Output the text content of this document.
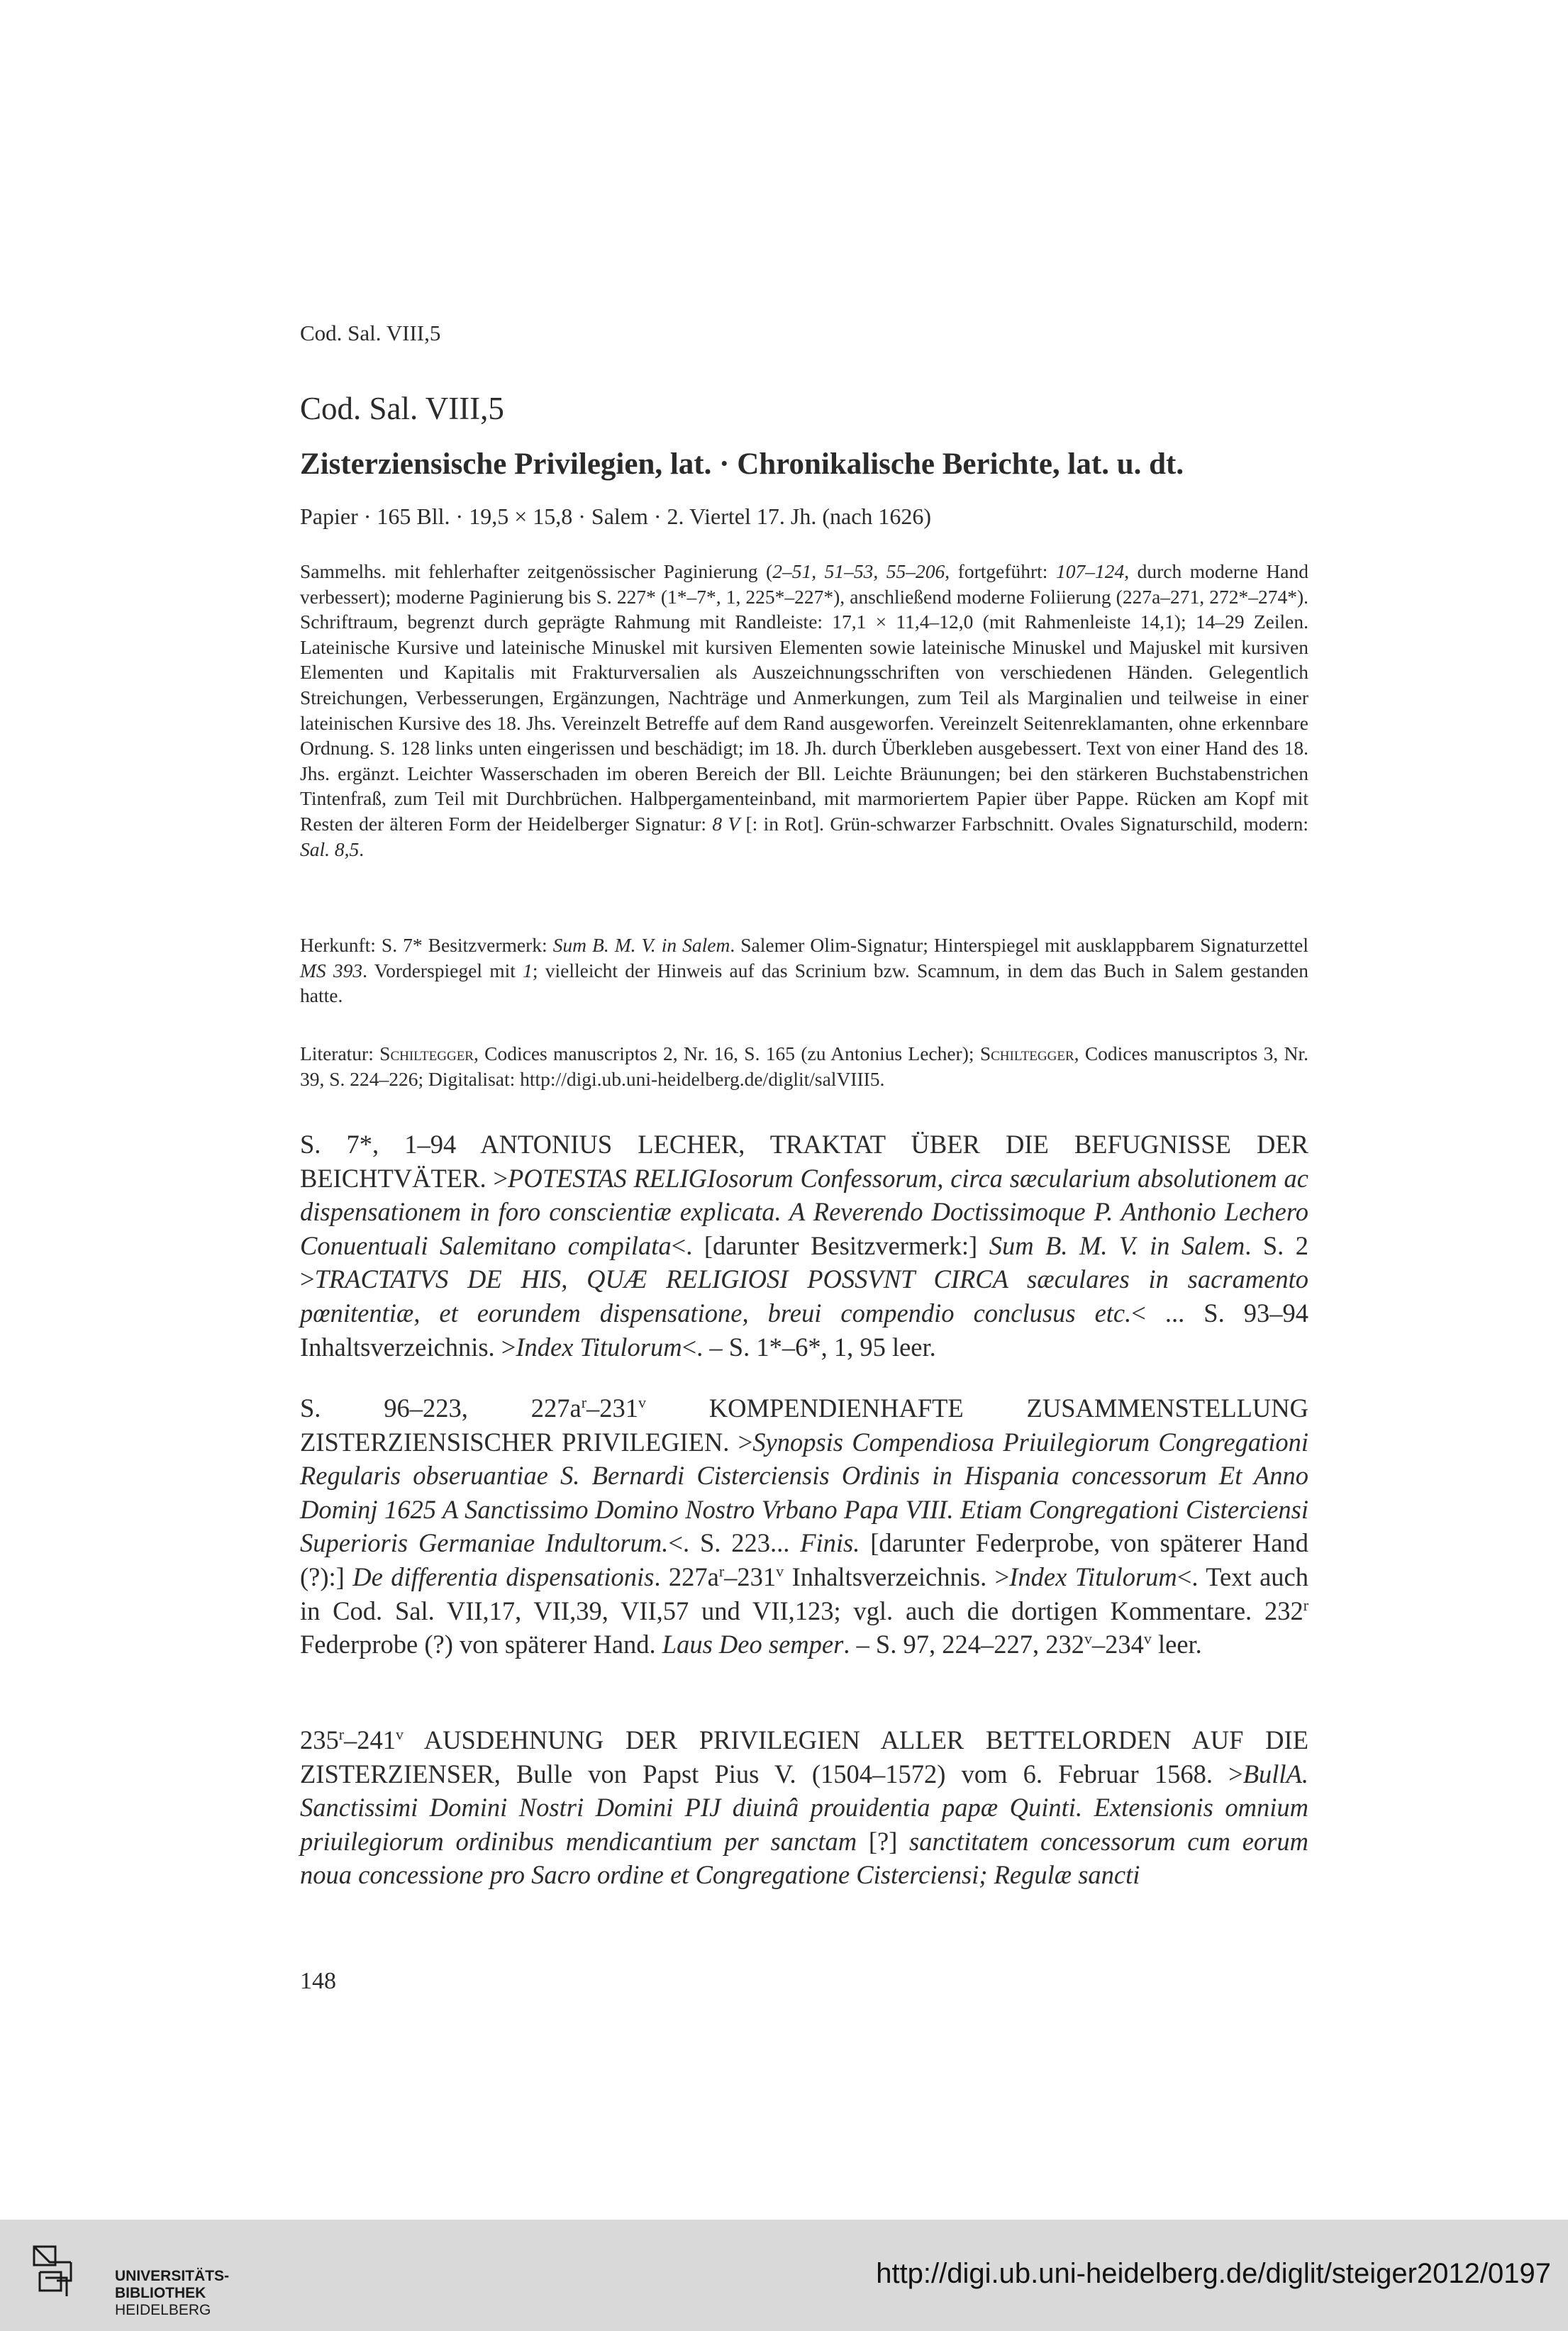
Cod. Sal. VIII,5
Cod. Sal. VIII,5
Zisterziensische Privilegien, lat. · Chronikalische Berichte, lat. u. dt.
Papier · 165 Bll. · 19,5 × 15,8 · Salem · 2. Viertel 17. Jh. (nach 1626)
Sammelhs. mit fehlerhafter zeitgenössischer Paginierung (2–51, 51–53, 55–206, fortgeführt: 107–124, durch moderne Hand verbessert); moderne Paginierung bis S. 227* (1*–7*, 1, 225*–227*), anschließend moderne Foliierung (227a–271, 272*–274*). Schriftraum, begrenzt durch geprägte Rahmung mit Randleiste: 17,1 × 11,4–12,0 (mit Rahmenleiste 14,1); 14–29 Zeilen. Lateinische Kursive und lateinische Minuskel mit kursiven Elementen sowie lateinische Minuskel und Majuskel mit kursiven Elementen und Kapitalis mit Frakturversalien als Auszeichnungsschriften von verschiedenen Händen. Gelegentlich Streichungen, Verbesserungen, Ergänzungen, Nachträge und Anmerkungen, zum Teil als Marginalien und teilweise in einer lateinischen Kursive des 18. Jhs. Vereinzelt Betreffe auf dem Rand ausgeworfen. Vereinzelt Seitenreklamanten, ohne erkennbare Ordnung. S. 128 links unten eingerissen und beschädigt; im 18. Jh. durch Überkleben ausgebessert. Text von einer Hand des 18. Jhs. ergänzt. Leichter Wasserschaden im oberen Bereich der Bll. Leichte Bräunungen; bei den stärkeren Buchstabenstrichen Tintenfraß, zum Teil mit Durchbrüchen. Halbpergamenteinband, mit marmoriertem Papier über Pappe. Rücken am Kopf mit Resten der älteren Form der Heidelberger Signatur: 8 V [: in Rot]. Grün-schwarzer Farbschnitt. Ovales Signaturschild, modern: Sal. 8,5.
Herkunft: S. 7* Besitzvermerk: Sum B. M. V. in Salem. Salemer Olim-Signatur; Hinterspiegel mit ausklappbarem Signaturzettel MS 393. Vorderspiegel mit 1; vielleicht der Hinweis auf das Scrinium bzw. Scamnum, in dem das Buch in Salem gestanden hatte.
Literatur: Schiltegger, Codices manuscriptos 2, Nr. 16, S. 165 (zu Antonius Lecher); Schiltegger, Codices manuscriptos 3, Nr. 39, S. 224–226; Digitalisat: http://digi.ub.uni-heidelberg.de/diglit/salVIII5.
S. 7*, 1–94 ANTONIUS LECHER, TRAKTAT ÜBER DIE BEFUGNISSE DER BEICHTVÄTER. >POTESTAS RELIGIosorum Confessorum, circa sæcularium absolutionem ac dispensationem in foro conscientiæ explicata. A Reverendo Doctissimoque P. Anthonio Lechero Conuentuali Salemitano compilata<. [darunter Besitzvermerk:] Sum B. M. V. in Salem. S. 2 >TRACTATVS DE HIS, QUÆ RELIGIOSI POSSVNT CIRCA sæculares in sacramento pœnitentiæ, et eorundem dispensatione, breui compendio conclusus etc.< ... S. 93–94 Inhaltsverzeichnis. >Index Titulorum<. – S. 1*–6*, 1, 95 leer.
S. 96–223, $227a^r-231^v$ KOMPENDIENHAFTE ZUSAMMENSTELLUNG ZISTERZIENSISCHER PRIVILEGIEN. >Synopsis Compendiosa Priuilegiorum Congregationi Regularis obseruantiae S. Bernardi Cisterciensis Ordinis in Hispania concessorum Et Anno Dominj 1625 A Sanctissimo Domino Nostro Vrbano Papa VIII. Etiam Congregationi Cisterciensi Superioris Germaniae Indultorum.<. S. 223... Finis. [darunter Federprobe, von späterer Hand (?):] De differentia dispensationis. $227a^r-231^v$ Inhaltsverzeichnis. >Index Titulorum<. Text auch in Cod. Sal. VII,17, VII,39, VII,57 und VII,123; vgl. auch die dortigen Kommentare. 232$^r$ Federprobe (?) von späterer Hand. Laus Deo semper. – S. 97, 224–227, 232$^v$–234$^v$ leer.
235$^r$–241$^v$ AUSDEHNUNG DER PRIVILEGIEN ALLER BETTELORDEN AUF DIE ZISTERZIENSER, Bulle von Papst Pius V. (1504–1572) vom 6. Februar 1568. >BullA. Sanctissimi Domini Nostri Domini PIJ diuinâ prouidentia papæ Quinti. Extensionis omnium priuilegiorum ordinibus mendicantium per sanctam [?] sanctitatem concessorum cum eorum noua concessione pro Sacro ordine et Congregatione Cisterciensi; Regulæ sancti
148
UNIVERSITÄTS-
BIBLIOTHEK
HEIDELBERG
http://digi.ub.uni-heidelberg.de/diglit/steiger2012/0197
